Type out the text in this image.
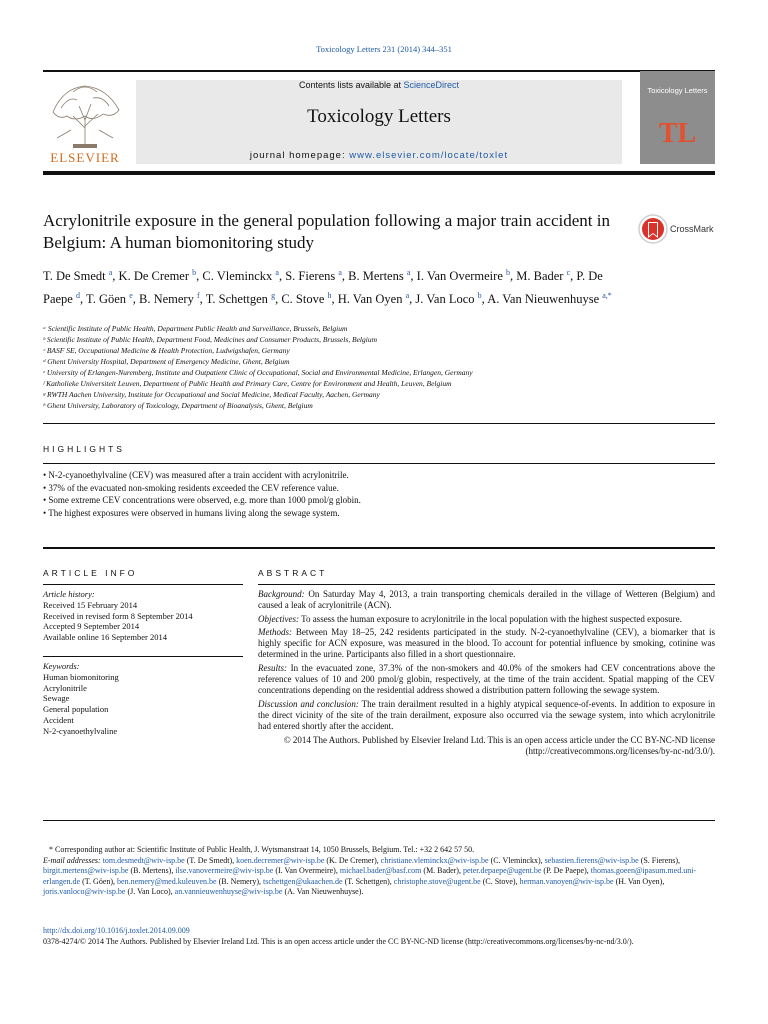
Toxicology Letters 231 (2014) 344–351
ELSEVIER
Contents lists available at ScienceDirect
Toxicology Letters
journal homepage: www.elsevier.com/locate/toxlet
Toxicology Letters
TL
Acrylonitrile exposure in the general population following a major train accident in Belgium: A human biomonitoring study
CrossMark
T. De Smedt $^a$, K. De Cremer $^b$, C. Vleminckx $^a$, S. Fierens $^a$, B. Mertens $^a$, I. Van Overmeire $^b$, M. Bader $^c$, P. De Paepe $^d$, T. Göen $^e$, B. Nemery $^f$, T. Schettgen $^g$, C. Stove $^h$, H. Van Oyen $^a$, J. Van Loco $^b$, A. Van Nieuwenhuyse $^{a,*}$
ᵃ Scientific Institute of Public Health, Department Public Health and Surveillance, Brussels, Belgium
ᵇ Scientific Institute of Public Health, Department Food, Medicines and Consumer Products, Brussels, Belgium
ᶜ BASF SE, Occupational Medicine & Health Protection, Ludwigshafen, Germany
ᵈ Ghent University Hospital, Department of Emergency Medicine, Ghent, Belgium
ᵉ University of Erlangen-Nuremberg, Institute and Outpatient Clinic of Occupational, Social and Environmental Medicine, Erlangen, Germany
ᶠ Katholieke Universiteit Leuven, Department of Public Health and Primary Care, Centre for Environment and Health, Leuven, Belgium
ᵍ RWTH Aachen University, Institute for Occupational and Social Medicine, Medical Faculty, Aachen, Germany
ʰ Ghent University, Laboratory of Toxicology, Department of Bioanalysis, Ghent, Belgium
HIGHLIGHTS
• N-2-cyanoethylvaline (CEV) was measured after a train accident with acrylonitrile.
• 37% of the evacuated non-smoking residents exceeded the CEV reference value.
• Some extreme CEV concentrations were observed, e.g. more than 1000 pmol/g globin.
• The highest exposures were observed in humans living along the sewage system.
ARTICLE INFO	ABSTRACT
Article history:
Received 15 February 2014
Received in revised form 8 September 2014
Accepted 9 September 2014
Available online 16 September 2014
Keywords:
Human biomonitoring
Acrylonitrile
Sewage
General population
Accident
N-2-cyanoethylvaline

Background: On Saturday May 4, 2013, a train transporting chemicals derailed in the village of Wetteren (Belgium) and caused a leak of acrylonitrile (ACN).

Objectives: To assess the human exposure to acrylonitrile in the local population with the highest suspected exposure.

Methods: Between May 18–25, 242 residents participated in the study. N-2-cyanoethylvaline (CEV), a biomarker that is highly specific for ACN exposure, was measured in the blood. To account for potential influence by smoking, cotinine was determined in the urine. Participants also filled in a short questionnaire.

Results: In the evacuated zone, 37.3% of the non-smokers and 40.0% of the smokers had CEV concentrations above the reference values of 10 and 200 pmol/g globin, respectively, at the time of the train accident. Spatial mapping of the CEV concentrations depending on the residential address showed a distribution pattern following the sewage system.

Discussion and conclusion: The train derailment resulted in a highly atypical sequence-of-events. In addition to exposure in the direct vicinity of the site of the train derailment, exposure also occurred via the sewage system, into which acrylonitrile had entered shortly after the accident.

© 2014 The Authors. Published by Elsevier Ireland Ltd. This is an open access article under the CC BY-NC-ND license (http://creativecommons.org/licenses/by-nc-nd/3.0/).

* Corresponding author at: Scientific Institute of Public Health, J. Wytsmanstraat 14, 1050 Brussels, Belgium. Tel.: +32 2 642 57 50.
E-mail addresses: tom.desmedt@wiv-isp.be (T. De Smedt), koen.decremer@wiv-isp.be (K. De Cremer), christiane.vleminckx@wiv-isp.be (C. Vleminckx), sebastien.fierens@wiv-isp.be (S. Fierens), birgit.mertens@wiv-isp.be (B. Mertens), ilse.vanovermeire@wiv-isp.be (I. Van Overmeire), michael.bader@basf.com (M. Bader), peter.depaepe@ugent.be (P. De Paepe), thomas.goeen@ipasum.med.uni-erlangen.de (T. Göen), ben.nemery@med.kuleuven.be (B. Nemery), tschettgen@ukaachen.de (T. Schettgen), christophe.stove@ugent.be (C. Stove), herman.vanoyen@wiv-isp.be (H. Van Oyen), joris.vanloco@wiv-isp.be (J. Van Loco), an.vannieuwenhuyse@wiv-isp.be (A. Van Nieuwenhuyse).
http://dx.doi.org/10.1016/j.toxlet.2014.09.009
0378-4274/© 2014 The Authors. Published by Elsevier Ireland Ltd. This is an open access article under the CC BY-NC-ND license (http://creativecommons.org/licenses/by-nc-nd/3.0/).
